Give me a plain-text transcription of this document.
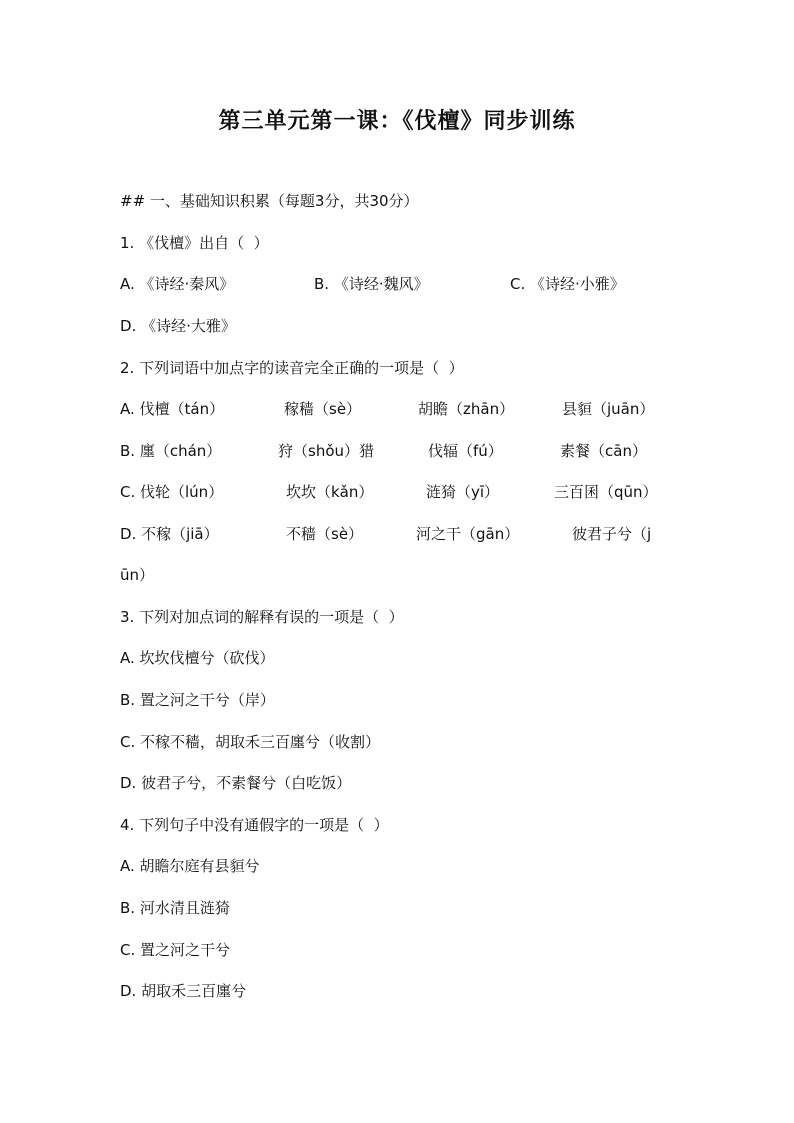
第三单元第一课：《伐檀》同步训练
## 一、基础知识积累（每题3分，共30分）
1. 《伐檀》出自（  ）

A. 《诗经·秦风》

	B. 《诗经·魏风》

	C. 《诗经·小雅》

D. 《诗经·大雅》
2. 下列词语中加点字的读音完全正确的一项是（  ）

A. 伐檀（tán）

	稼穑（sè）

	胡瞻（zhān）

	县貆（juān）

B. 廛（chán）

	狩（shǒu）猎

	伐辐（fú）

	素餐（cān）

C. 伐轮（lún）

	坎坎（kǎn）

	涟猗（yī）

	三百囷（qūn）

D. 不稼（jiā）

	不穑（sè）

	河之干（gān）

	彼君子兮（j

ūn）
3. 下列对加点词的解释有误的一项是（  ）
A. 坎坎伐檀兮（砍伐）
B. 置之河之干兮（岸）
C. 不稼不穑，胡取禾三百廛兮（收割）
D. 彼君子兮，不素餐兮（白吃饭）
4. 下列句子中没有通假字的一项是（  ）
A. 胡瞻尔庭有县貆兮
B. 河水清且涟猗
C. 置之河之干兮
D. 胡取禾三百廛兮
